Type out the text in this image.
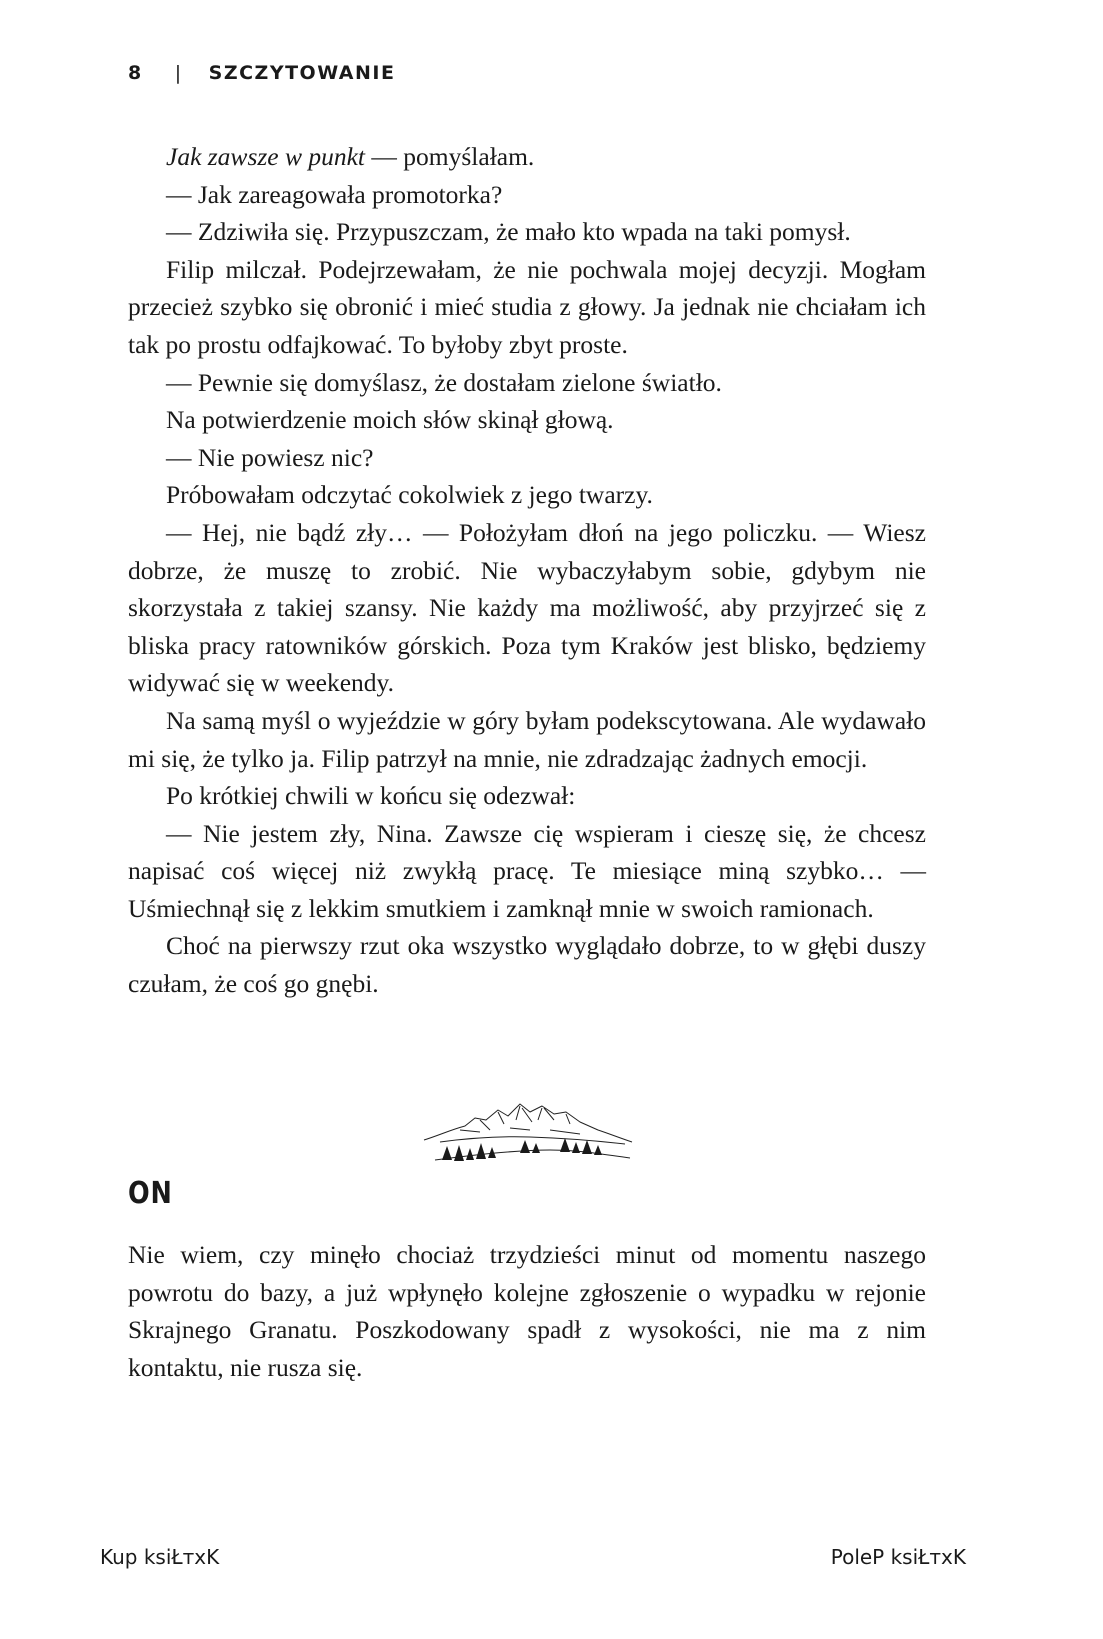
8 | SZCZYTOWANIE

Jak zawsze w punkt — pomyślałam.

— Jak zareagowała promotorka?

— Zdziwiła się. Przypuszczam, że mało kto wpada na taki pomysł.

Filip milczał. Podejrzewałam, że nie pochwala mojej decyzji. Mogłam przecież szybko się obronić i mieć studia z głowy. Ja jednak nie chciałam ich tak po prostu odfajkować. To byłoby zbyt proste.

— Pewnie się domyślasz, że dostałam zielone światło.

Na potwierdzenie moich słów skinął głową.

— Nie powiesz nic?

Próbowałam odczytać cokolwiek z jego twarzy.

— Hej, nie bądź zły… — Położyłam dłoń na jego policzku. — Wiesz dobrze, że muszę to zrobić. Nie wybaczyłabym sobie, gdybym nie skorzystała z takiej szansy. Nie każdy ma możliwość, aby przyjrzeć się z bliska pracy ratowników górskich. Poza tym Kraków jest blisko, będziemy widywać się w weekendy.

Na samą myśl o wyjeździe w góry byłam podekscytowana. Ale wydawało mi się, że tylko ja. Filip patrzył na mnie, nie zdradzając żadnych emocji.

Po krótkiej chwili w końcu się odezwał:

— Nie jestem zły, Nina. Zawsze cię wspieram i cieszę się, że chcesz napisać coś więcej niż zwykłą pracę. Te miesiące miną szybko… — Uśmiechnął się z lekkim smutkiem i zamknął mnie w swoich ramionach.

Choć na pierwszy rzut oka wszystko wyglądało dobrze, to w głębi duszy czułam, że coś go gnębi.

ON

Nie wiem, czy minęło chociaż trzydzieści minut od momentu naszego powrotu do bazy, a już wpłynęło kolejne zgłoszenie o wypadku w rejonie Skrajnego Granatu. Poszkodowany spadł z wysokości, nie ma z nim kontaktu, nie rusza się.

Kup ksiŁтхK	PoleP ksiŁтхK
